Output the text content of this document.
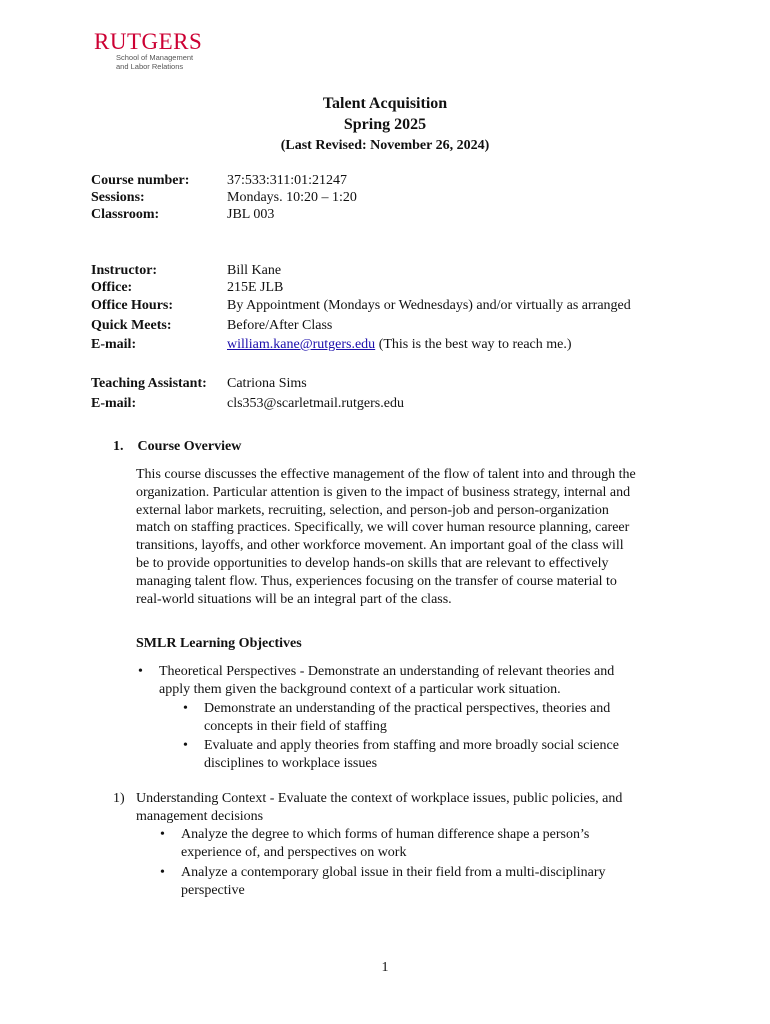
RUTGERS
School of Management
and Labor Relations
Talent Acquisition
Spring 2025
(Last Revised: November 26, 2024)
Course number:	37:533:311:01:21247
Sessions:	Mondays. 10:20 – 1:20
Classroom:	JBL 003
Instructor:	Bill Kane
Office:	215E JLB
Office Hours:	By Appointment (Mondays or Wednesdays) and/or virtually as arranged
Quick Meets:	Before/After Class
E-mail:	william.kane@rutgers.edu (This is the best way to reach me.)
Teaching Assistant:	Catriona Sims
E-mail:	cls353@scarletmail.rutgers.edu
1. Course Overview
This course discusses the effective management of the flow of talent into and through the
organization. Particular attention is given to the impact of business strategy, internal and
external labor markets, recruiting, selection, and person-job and person-organization
match on staffing practices. Specifically, we will cover human resource planning, career
transitions, layoffs, and other workforce movement. An important goal of the class will
be to provide opportunities to develop hands-on skills that are relevant to effectively
managing talent flow. Thus, experiences focusing on the transfer of course material to
real-world situations will be an integral part of the class.
SMLR Learning Objectives
• Theoretical Perspectives - Demonstrate an understanding of relevant theories and
apply them given the background context of a particular work situation.
• Demonstrate an understanding of the practical perspectives, theories and
concepts in their field of staffing
• Evaluate and apply theories from staffing and more broadly social science
disciplines to workplace issues
1) Understanding Context - Evaluate the context of workplace issues, public policies, and
management decisions
• Analyze the degree to which forms of human difference shape a person’s
experience of, and perspectives on work
• Analyze a contemporary global issue in their field from a multi-disciplinary
perspective
1
